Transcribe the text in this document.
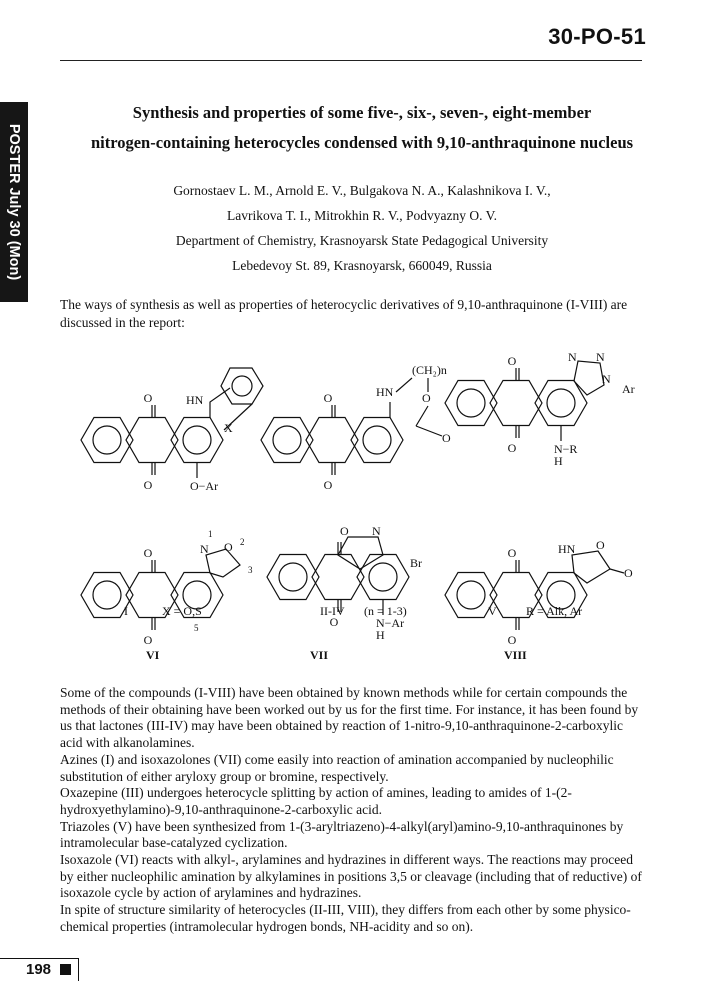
30-PO-51
POSTER July 30 (Mon)
Synthesis and properties of some five-, six-, seven-, eight-member
nitrogen-containing heterocycles condensed with 9,10-anthraquinone nucleus
Gornostaev L. M., Arnold E. V., Bulgakova N. A., Kalashnikova I. V.,
Lavrikova T. I., Mitrokhin R. V., Podvyazny O. V.
Department of Chemistry, Krasnoyarsk State Pedagogical University
Lebedevoy St. 89, Krasnoyarsk, 660049, Russia

The ways of synthesis as well as properties of heterocyclic derivatives of 9,10-anthraquinone (I-VIII) are discussed in the report:

O
O
HN
X
O−Ar
I	X = O,S
O
O
HN
(CH₂)n
O
O
II-IV (n = 1-3)
O
O
N N
N
Ar
N−R
H
V R = Alk, Ar
O
O
N O
1
2
3
5
VI
O
O N
Br
N−Ar
H
VII
O
O
HN O
O
VIII

Some of the compounds (I-VIII) have been obtained by known methods while for certain compounds the methods of their obtaining have been worked out by us for the first time. For instance, it has been found by us that lactones (III-IV) may have been obtained by reaction of 1-nitro-9,10-anthraquinone-2-carboxylic acid with alkanolamines.

Azines (I) and isoxazolones (VII) come easily into reaction of amination accompanied by nucleophilic substitution of either aryloxy group or bromine, respectively.

Oxazepine (III) undergoes heterocycle splitting by action of amines, leading to amides of 1-(2-hydroxyethylamino)-9,10-anthraquinone-2-carboxylic acid.

Triazoles (V) have been synthesized from 1-(3-aryltriazeno)-4-alkyl(aryl)amino-9,10-anthraquinones by intramolecular base-catalyzed cyclization.

Isoxazole (VI) reacts with alkyl-, arylamines and hydrazines in different ways. The reactions may proceed by either nucleophilic amination by alkylamines in positions 3,5 or cleavage (including that of reductive) of isoxazole cycle by action of arylamines and hydrazines.

In spite of structure similarity of heterocycles (II-III, VIII), they differs from each other by some physico-chemical properties (intramolecular hydrogen bonds, NH-acidity and so on).

198
